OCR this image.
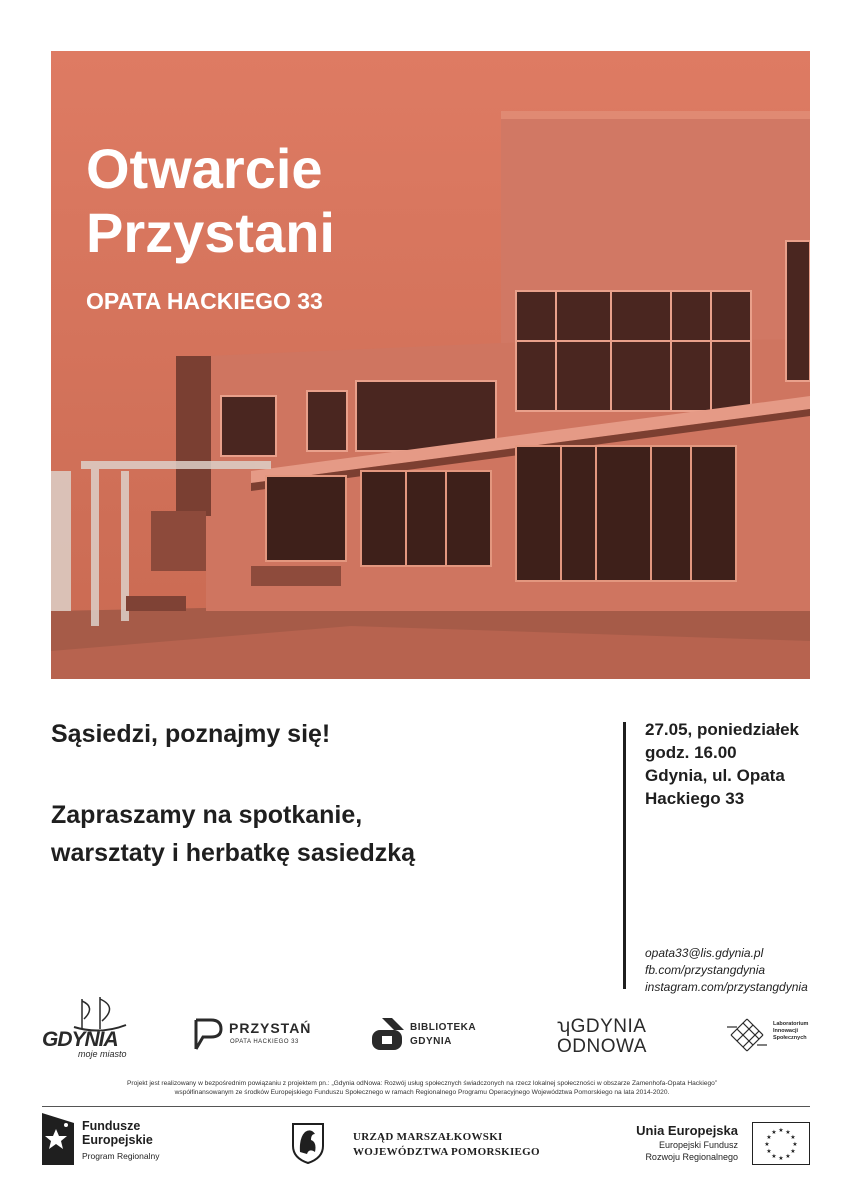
Otwarcie
Przystani
OPATA HACKIEGO 33
Sąsiedzi, poznajmy się!
Zapraszamy na spotkanie,
warsztaty i herbatkę sasiedzką
27.05, poniedziałek
godz. 16.00
Gdynia, ul. Opata
Hackiego 33
opata33@lis.gdynia.pl
fb.com/przystangdynia
instagram.com/przystangdynia
GDYNIA
moje miasto
PRZYSTAŃ
OPATA HACKIEGO 33
BIBLIOTEKA
GDYNIA
ʮGDYNIA
ODNOWA
Laboratorium
Innowacji
Społecznych
Projekt jest realizowany w bezpośrednim powiązaniu z projektem pn.: „Gdynia odNowa: Rozwój usług społecznych świadczonych na rzecz lokalnej społeczności w obszarze Zamenhofa-Opata Hackiego”
współfinansowanym ze środków Europejskiego Funduszu Społecznego w ramach Regionalnego Programu Operacyjnego Województwa Pomorskiego na lata 2014-2020.
Fundusze
Europejskie
Program Regionalny
URZĄD MARSZAŁKOWSKI
WOJEWÓDZTWA POMORSKIEGO
Unia Europejska
Europejski Fundusz
Rozwoju Regionalnego
★ ★
★
★
★
★
★
★
★
★
★
★
